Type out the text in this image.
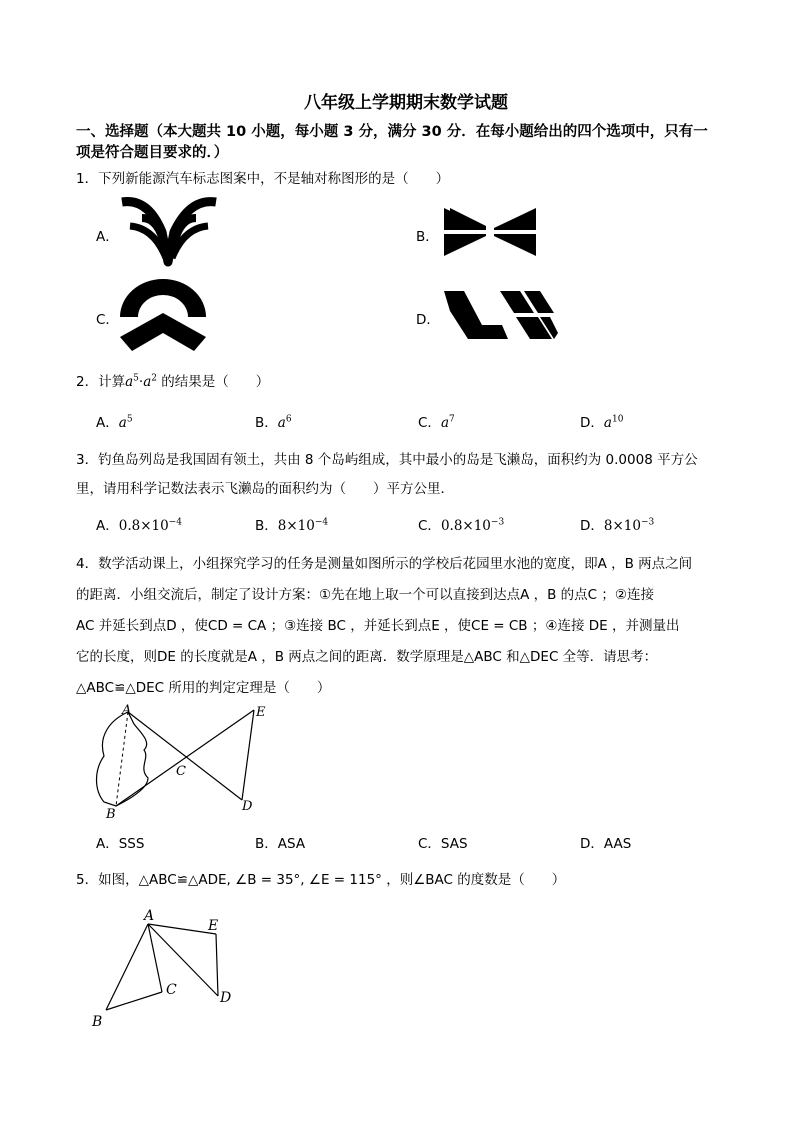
八年级上学期期末数学试题
一、选择题（本大题共 10 小题，每小题 3 分，满分 30 分．在每小题给出的四个选项中，只有一
项是符合题目要求的．）
1．下列新能源汽车标志图案中，不是轴对称图形的是（　　）
A．	B．
C．	D．
2．计算$a^5\cdot a^2$ 的结果是（　　）
A．$a^5$	B．$a^6$	C．$a^7$	D．$a^{10}$
3．钓鱼岛列岛是我国固有领土，共由 8 个岛屿组成，其中最小的岛是飞濑岛，面积约为 0.0008 平方公
里，请用科学记数法表示飞濑岛的面积约为（　　）平方公里．
A．$0.8\times 10^{-4}$	B．$8\times 10^{-4}$	C．$0.8\times 10^{-3}$	D．$8\times 10^{-3}$
4．数学活动课上，小组探究学习的任务是测量如图所示的学校后花园里水池的宽度，即A ，B 两点之间
的距离．小组交流后，制定了设计方案：①先在地上取一个可以直接到达点A ，B 的点C ；②连接
AC 并延长到点D ，使CD = CA ；③连接 BC ，并延长到点E ，使CE = CB ；④连接 DE ，并测量出
它的长度，则DE 的长度就是A ，B 两点之间的距离．数学原理是△ABC 和△DEC 全等．请思考：
△ABC≌△DEC 所用的判定定理是（　　）
A
B
C
D
E
A．SSS	B．ASA	C．SAS	D．AAS
5．如图，△ABC≌△ADE, ∠B = 35°, ∠E = 115° ，则∠BAC 的度数是（　　）
A
B
C	D
E
